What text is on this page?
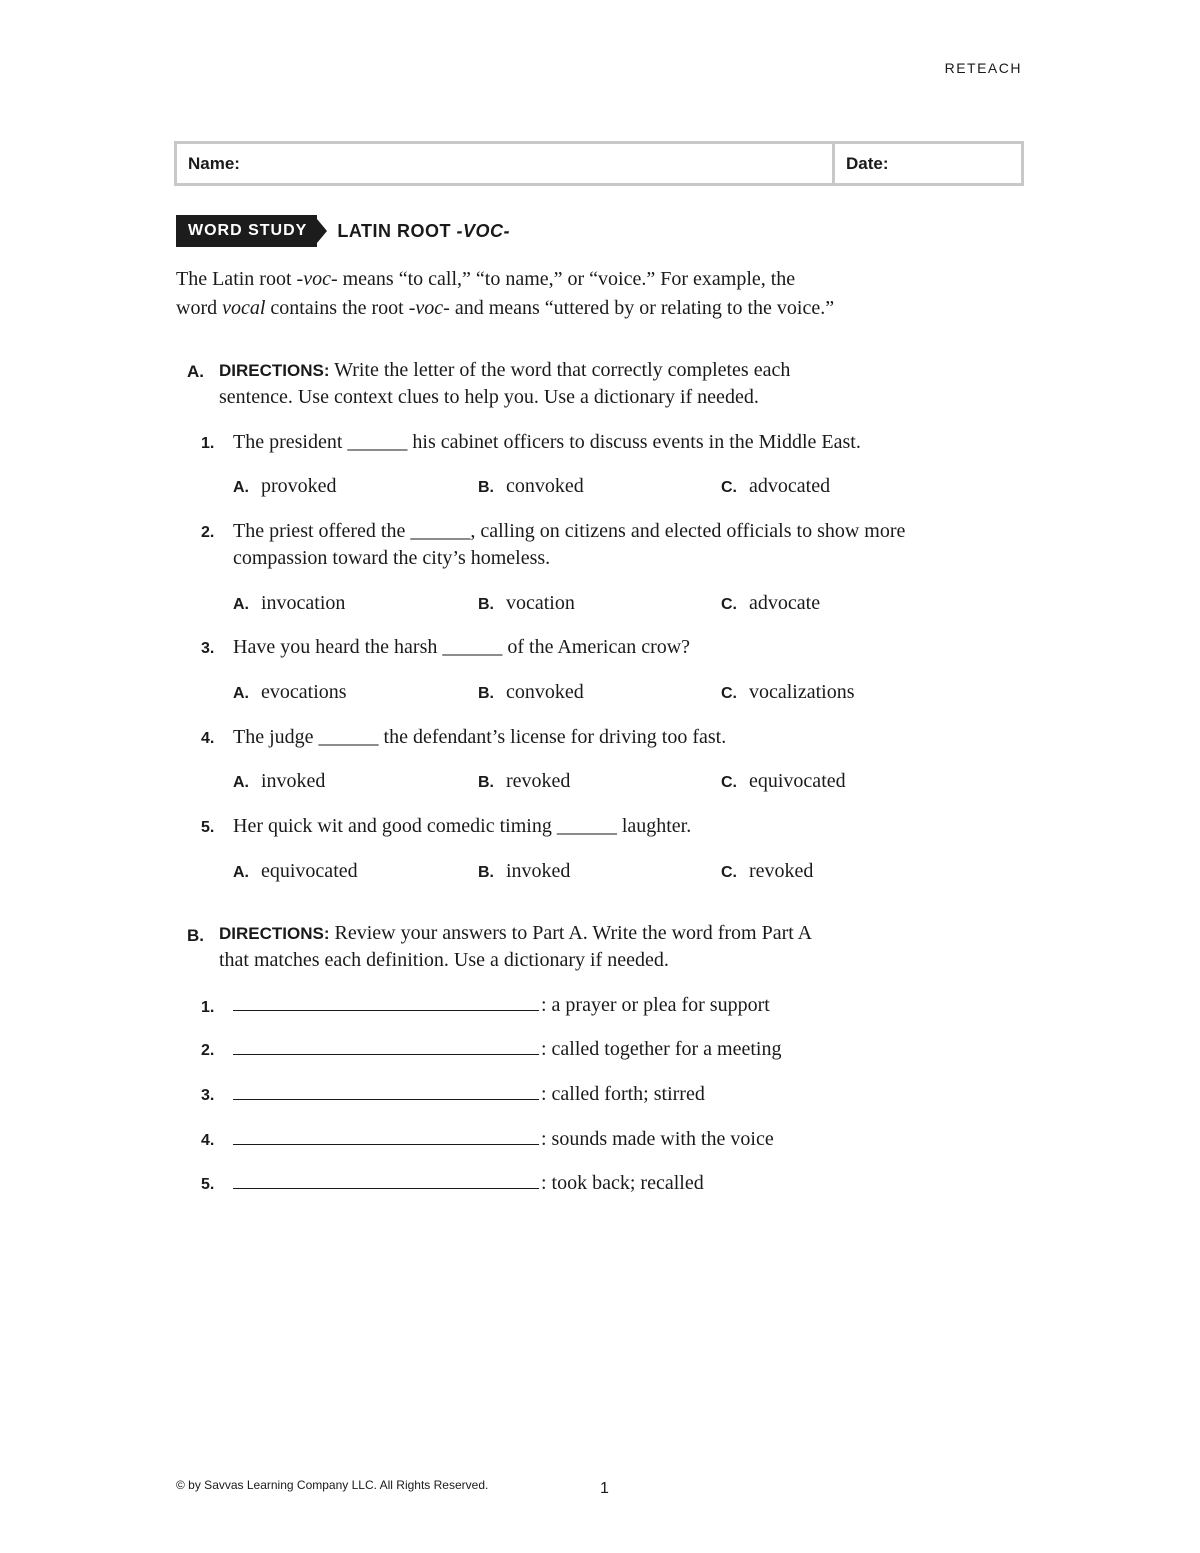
RETEACH
Name:	Date:
WORD STUDY	LATIN ROOT -VOC-
The Latin root -voc- means “to call,” “to name,” or “voice.” For example, the
word vocal contains the root -voc- and means “uttered by or relating to the voice.”
A. DIRECTIONS: Write the letter of the word that correctly completes each
sentence. Use context clues to help you. Use a dictionary if needed.
1. The president ______ his cabinet officers to discuss events in the Middle East.
A. provoked	B. convoked	C. advocated
2. The priest offered the ______, calling on citizens and elected officials to show more
compassion toward the city’s homeless.
A. invocation	B. vocation	C. advocate
3. Have you heard the harsh ______ of the American crow?
A. evocations	B. convoked	C. vocalizations
4. The judge ______ the defendant’s license for driving too fast.
A. invoked	B. revoked	C. equivocated
5. Her quick wit and good comedic timing ______ laughter.
A. equivocated	B. invoked	C. revoked
B. DIRECTIONS: Review your answers to Part A. Write the word from Part A
that matches each definition. Use a dictionary if needed.
1.	: a prayer or plea for support
2.	: called together for a meeting
3.	: called forth; stirred
4.	: sounds made with the voice
5.	: took back; recalled
© by Savvas Learning Company LLC. All Rights Reserved.	1
